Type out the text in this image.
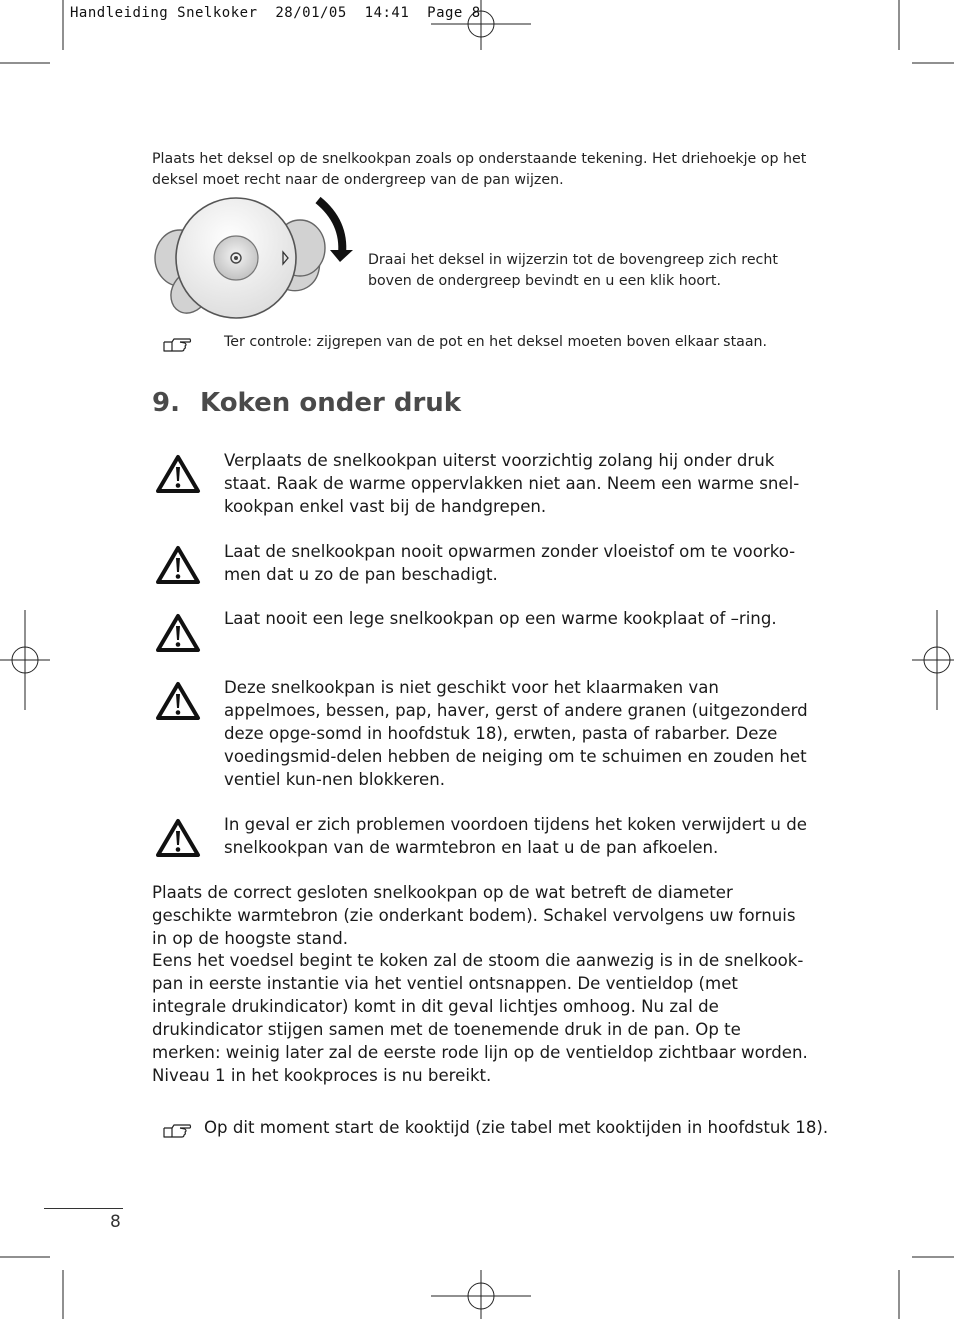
Handleiding Snelkoker  28/01/05  14:41  Page 8
Plaats het deksel op de snelkookpan zoals op onderstaande tekening. Het driehoekje op het deksel moet recht naar de ondergreep van de pan wijzen.
Draai het deksel in wijzerzin tot de bovengreep zich recht boven de ondergreep bevindt en u een klik hoort.
Ter controle: zijgrepen van de pot en het deksel moeten boven elkaar staan.
9. Koken onder druk
Verplaats de snelkookpan uiterst voorzichtig zolang hij onder druk staat. Raak de warme oppervlakken niet aan. Neem een warme snel-kookpan enkel vast bij de handgrepen.
Laat de snelkookpan nooit opwarmen zonder vloeistof om te voorko-men dat u zo de pan beschadigt.
Laat nooit een lege snelkookpan op een warme kookplaat of –ring.
Deze snelkookpan is niet geschikt voor het klaarmaken van appelmoes, bessen, pap, haver, gerst of andere granen (uitgezonderd deze opge-somd in hoofdstuk 18), erwten, pasta of rabarber. Deze voedingsmid-delen hebben de neiging om te schuimen en zouden het ventiel kun-nen blokkeren.
In geval er zich problemen voordoen tijdens het koken verwijdert u de snelkookpan van de warmtebron en laat u de pan afkoelen.
Plaats de correct gesloten snelkookpan op de wat betreft de diameter geschikte warmtebron (zie onderkant bodem). Schakel vervolgens uw fornuis in op de hoogste stand.
Eens het voedsel begint te koken zal de stoom die aanwezig is in de snelkook-pan in eerste instantie via het ventiel ontsnappen. De ventieldop (met integrale drukindicator) komt in dit geval lichtjes omhoog. Nu zal de drukindicator stijgen samen met de toenemende druk in de pan. Op te merken: weinig later zal de eerste rode lijn op de ventieldop zichtbaar worden. Niveau 1 in het kookproces is nu bereikt.
Op dit moment start de kooktijd (zie tabel met kooktijden in hoofdstuk 18).
8
